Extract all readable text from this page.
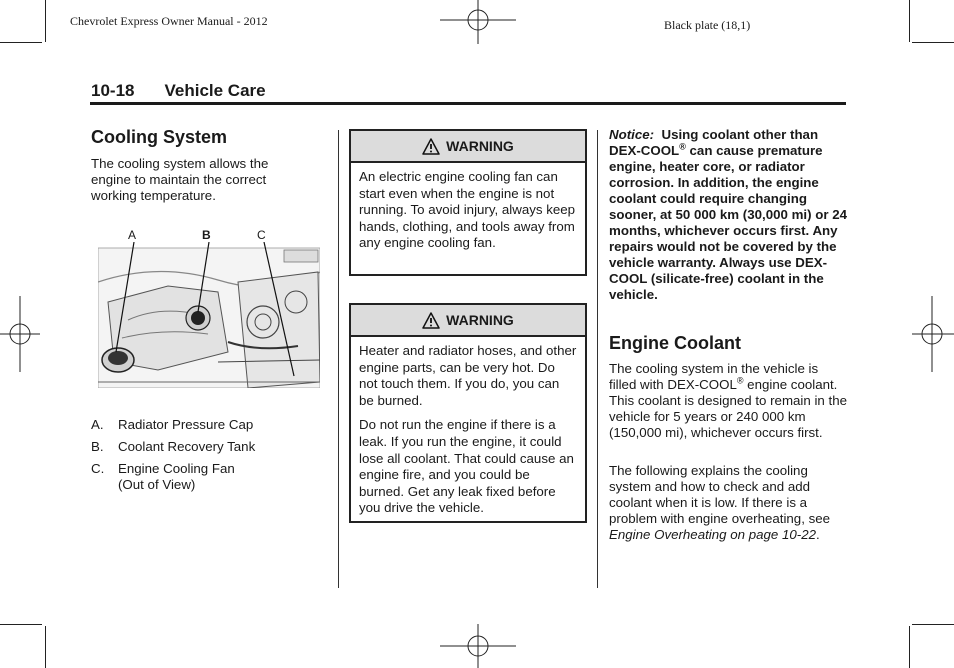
Chevrolet Express Owner Manual - 2012	Black plate (18,1)
10-18 Vehicle Care
Cooling System

The cooling system allows the engine to maintain the correct working temperature.

A	B	C
A.	Radiator Pressure Cap
B.	Coolant Recovery Tank
C.	Engine Cooling Fan (Out of View)
WARNING

An electric engine cooling fan can start even when the engine is not running. To avoid injury, always keep hands, clothing, and tools away from any engine cooling fan.

WARNING

Heater and radiator hoses, and other engine parts, can be very hot. Do not touch them. If you do, you can be burned.

Do not run the engine if there is a leak. If you run the engine, it could lose all coolant. That could cause an engine fire, and you could be burned. Get any leak fixed before you drive the vehicle.

Notice: Using coolant other than DEX-COOL® can cause premature engine, heater core, or radiator corrosion. In addition, the engine coolant could require changing sooner, at 50 000 km (30,000 mi) or 24 months, whichever occurs first. Any repairs would not be covered by the vehicle warranty. Always use DEX-COOL (silicate-free) coolant in the vehicle.
Engine Coolant

The cooling system in the vehicle is filled with DEX-COOL® engine coolant. This coolant is designed to remain in the vehicle for 5 years or 240 000 km (150,000 mi), whichever occurs first.

The following explains the cooling system and how to check and add coolant when it is low. If there is a problem with engine overheating, see Engine Overheating on page 10-22.
